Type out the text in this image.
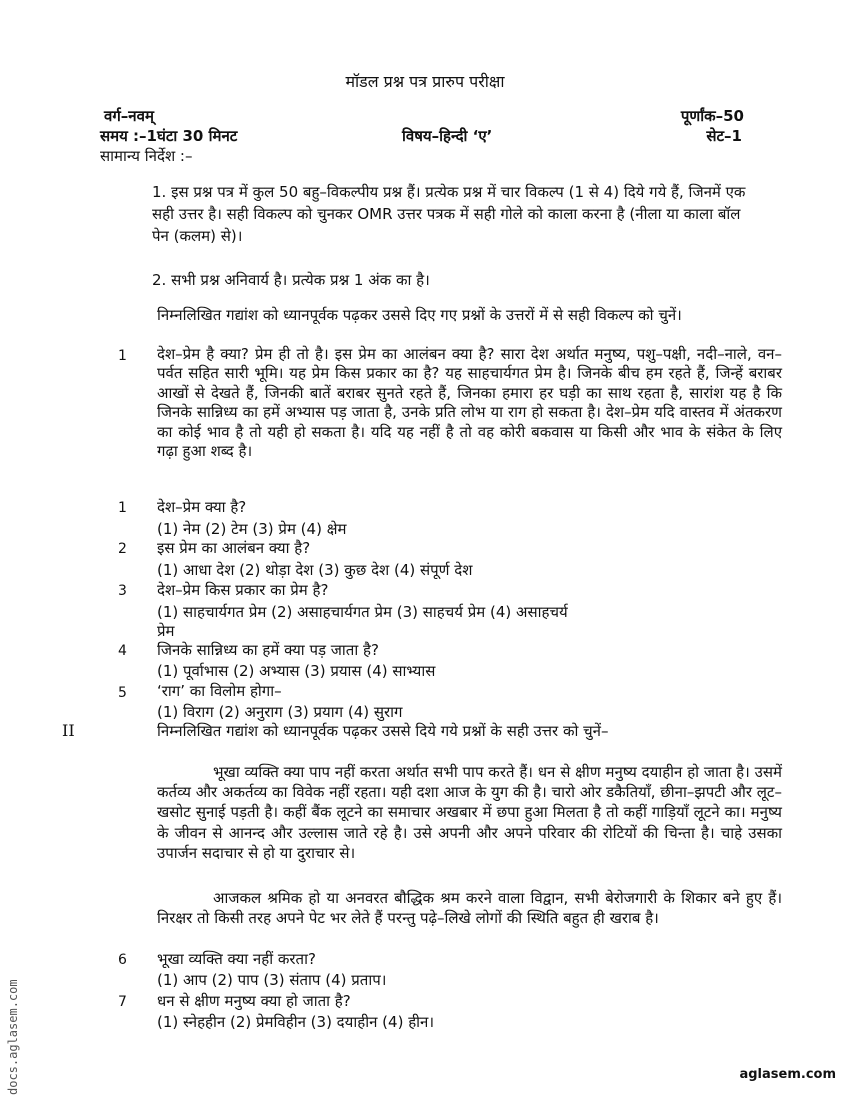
मॉडल प्रश्न पत्र प्रारुप परीक्षा
वर्ग–नवम्	पूर्णांक–50
समय :–1घंटा 30 मिनट	विषय–हिन्दी ‘ए’	सेट–1
सामान्य निर्देश :–
1. इस प्रश्न पत्र में कुल 50 बहु–विकल्पीय प्रश्न हैं। प्रत्येक प्रश्न में चार विकल्प (1 से 4) दिये गये हैं, जिनमें एक सही उत्तर है। सही विकल्प को चुनकर OMR उत्तर पत्रक में सही गोले को काला करना है (नीला या काला बॉल पेन (कलम) से)।
2. सभी प्रश्न अनिवार्य है। प्रत्येक प्रश्न 1 अंक का है।
निम्नलिखित गद्यांश को ध्यानपूर्वक पढ़कर उससे दिए गए प्रश्नों के उत्तरों में से सही विकल्प को चुनें।
1 देश–प्रेम है क्या? प्रेम ही तो है। इस प्रेम का आलंबन क्या है? सारा देश अर्थात मनुष्य, पशु–पक्षी, नदी–नाले, वन–पर्वत सहित सारी भूमि। यह प्रेम किस प्रकार का है? यह साहचार्यगत प्रेम है। जिनके बीच हम रहते हैं, जिन्हें बराबर आखों से देखते हैं, जिनकी बातें बराबर सुनते रहते हैं, जिनका हमारा हर घड़ी का साथ रहता है, सारांश यह है कि जिनके सान्निध्य का हमें अभ्यास पड़ जाता है, उनके प्रति लोभ या राग हो सकता है। देश–प्रेम यदि वास्तव में अंतकरण का कोई भाव है तो यही हो सकता है। यदि यह नहीं है तो वह कोरी बकवास या किसी और भाव के संकेत के लिए गढ़ा हुआ शब्द है।
1 देश–प्रेम क्या है?
(1) नेम (2) टेम (3) प्रेम (4) क्षेम
2 इस प्रेम का आलंबन क्या है?
(1) आधा देश (2) थोड़ा देश (3) कुछ देश (4) संपूर्ण देश
3 देश–प्रेम किस प्रकार का प्रेम है?
(1) साहचार्यगत प्रेम (2) असाहचार्यगत प्रेम (3) साहचर्य प्रेम (4) असाहचर्य
प्रेम
4 जिनके सान्निध्य का हमें क्या पड़ जाता है?
(1) पूर्वाभास (2) अभ्यास (3) प्रयास (4) साभ्यास
5 ‘राग’ का विलोम होगा–
(1) विराग (2) अनुराग (3) प्रयाग (4) सुराग
II	निम्नलिखित गद्यांश को ध्यानपूर्वक पढ़कर उससे दिये गये प्रश्नों के सही उत्तर को चुनें–
भूखा व्यक्ति क्या पाप नहीं करता अर्थात सभी पाप करते हैं। धन से क्षीण मनुष्य दयाहीन हो जाता है। उसमें कर्तव्य और अकर्तव्य का विवेक नहीं रहता। यही दशा आज के युग की है। चारो ओर डकैतियाँ, छीना–झपटी और लूट–खसोट सुनाई पड़ती है। कहीं बैंक लूटने का समाचार अखबार में छपा हुआ मिलता है तो कहीं गाड़ियाँ लूटने का। मनुष्य के जीवन से आनन्द और उल्लास जाते रहे है। उसे अपनी और अपने परिवार की रोटियों की चिन्ता है। चाहे उसका उपार्जन सदाचार से हो या दुराचार से।
आजकल श्रमिक हो या अनवरत बौद्धिक श्रम करने वाला विद्वान, सभी बेरोजगारी के शिकार बने हुए हैं। निरक्षर तो किसी तरह अपने पेट भर लेते हैं परन्तु पढ़े–लिखे लोगों की स्थिति बहुत ही खराब है।
6 भूखा व्यक्ति क्या नहीं करता?
(1) आप (2) पाप (3) संताप (4) प्रताप।
7 धन से क्षीण मनुष्य क्या हो जाता है?
(1) स्नेहहीन (2) प्रेमविहीन (3) दयाहीन (4) हीन।
docs.aglasem.com	aglasem.com
